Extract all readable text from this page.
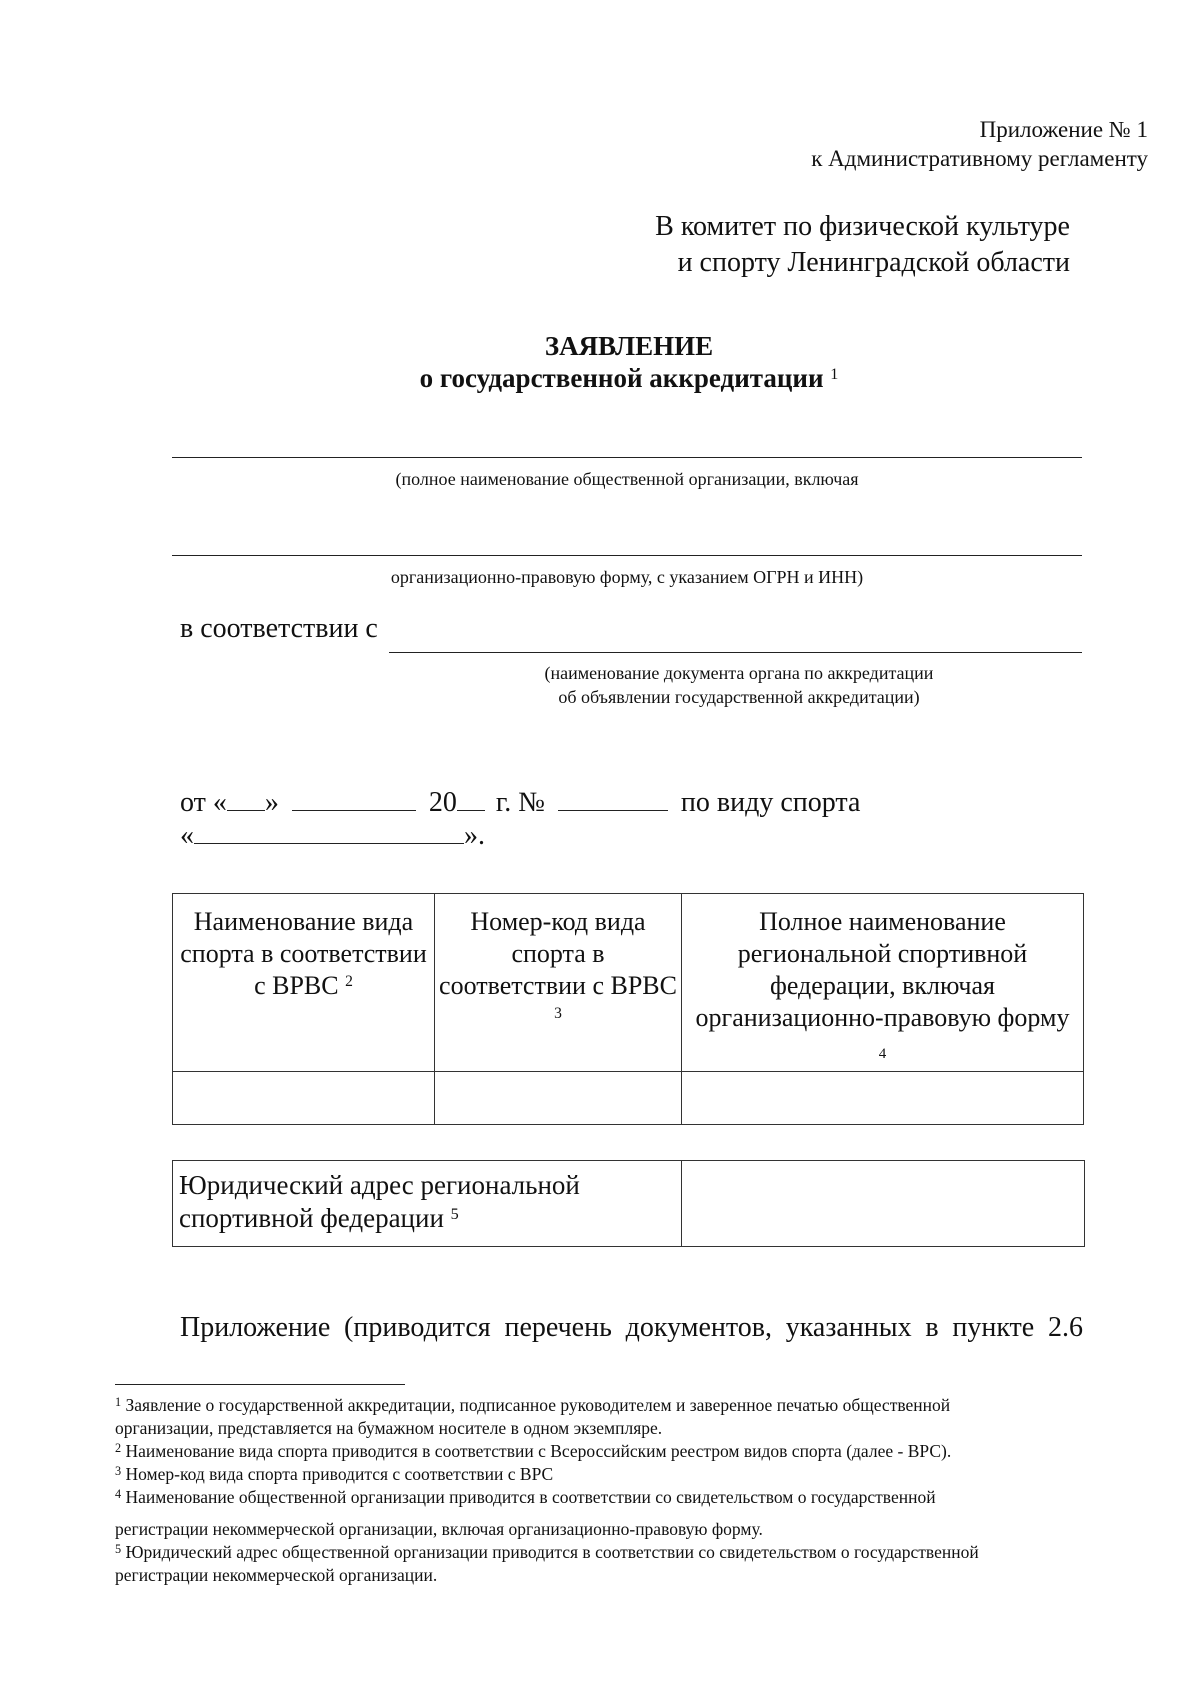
Приложение № 1
к Административному регламенту
В комитет по физической культуре
и спорту Ленинградской области
ЗАЯВЛЕНИЕ
о государственной аккредитации $^1$
(полное наименование общественной организации, включая
организационно-правовую форму, с указанием ОГРН и ИНН)
в соответствии с
(наименование документа органа по аккредитации
об объявлении государственной аккредитации)
от « »	20 г. №	по виду спорта
«	».
Наименование вида спорта в соответствии с ВРВС $^2$	Номер-код вида спорта в соответствии с ВРВС $^3$	Полное наименование региональной спортивной федерации, включая организационно-правовую форму
4

Юридический адрес региональной спортивной федерации $^5$	
Приложение (приводится перечень документов, указанных в пункте 2.6
$^1$ Заявление о государственной аккредитации, подписанное руководителем и заверенное печатью общественной
организации, представляется на бумажном носителе в одном экземпляре.
$^2$ Наименование вида спорта приводится в соответствии с Всероссийским реестром видов спорта (далее - ВРС).
$^3$ Номер-код вида спорта приводится с соответствии с ВРС
$^4$ Наименование общественной организации приводится в соответствии со свидетельством о государственной
регистрации некоммерческой организации, включая организационно-правовую форму.
$^5$ Юридический адрес общественной организации приводится в соответствии со свидетельством о государственной
регистрации некоммерческой организации.
